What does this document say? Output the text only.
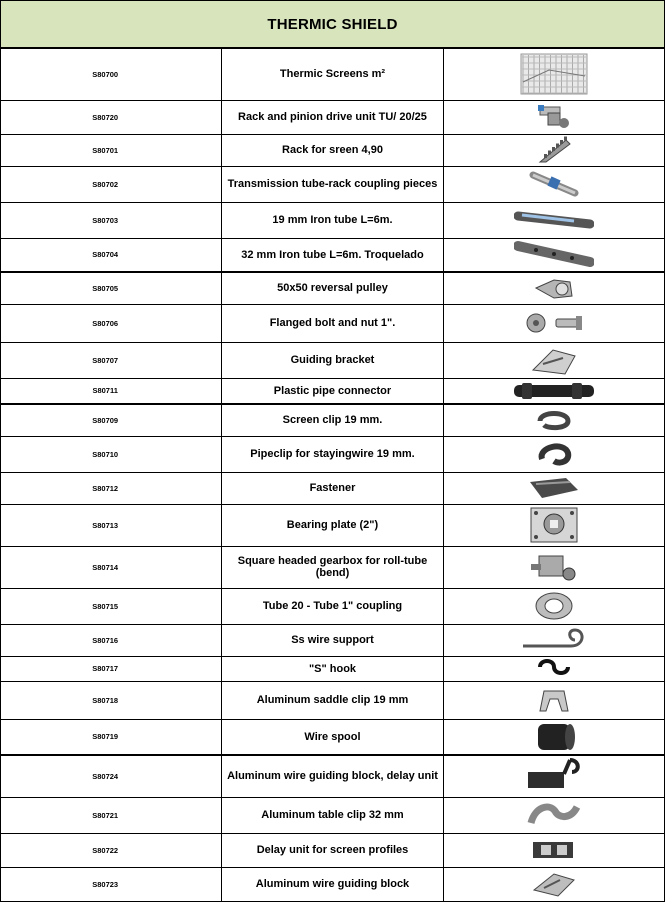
THERMIC SHIELD		
S80700	Thermic Screens m²	

S80720	Rack and pinion drive unit TU/ 20/25	

S80701	Rack for sreen 4,90	

S80702	Transmission tube-rack coupling pieces	

S80703	19 mm Iron tube L=6m.	

S80704	32 mm Iron tube L=6m. Troquelado	

S80705	50x50 reversal pulley	

S80706	Flanged bolt and nut 1".	

S80707	Guiding bracket	

S80711	Plastic pipe connector	

S80709	Screen clip 19 mm.	

S80710	Pipeclip for stayingwire 19 mm.	

S80712	Fastener	

S80713	Bearing plate (2")	

S80714	Square headed gearbox for roll-tube (bend)	

S80715	Tube 20 - Tube 1" coupling	

S80716	Ss wire support	

S80717	"S" hook	

S80718	Aluminum saddle clip 19 mm	

S80719	Wire spool	

S80724	Aluminum wire guiding block, delay unit	

S80721	Aluminum table clip 32 mm	

S80722	Delay unit for screen profiles	

S80723	Aluminum wire guiding block	
